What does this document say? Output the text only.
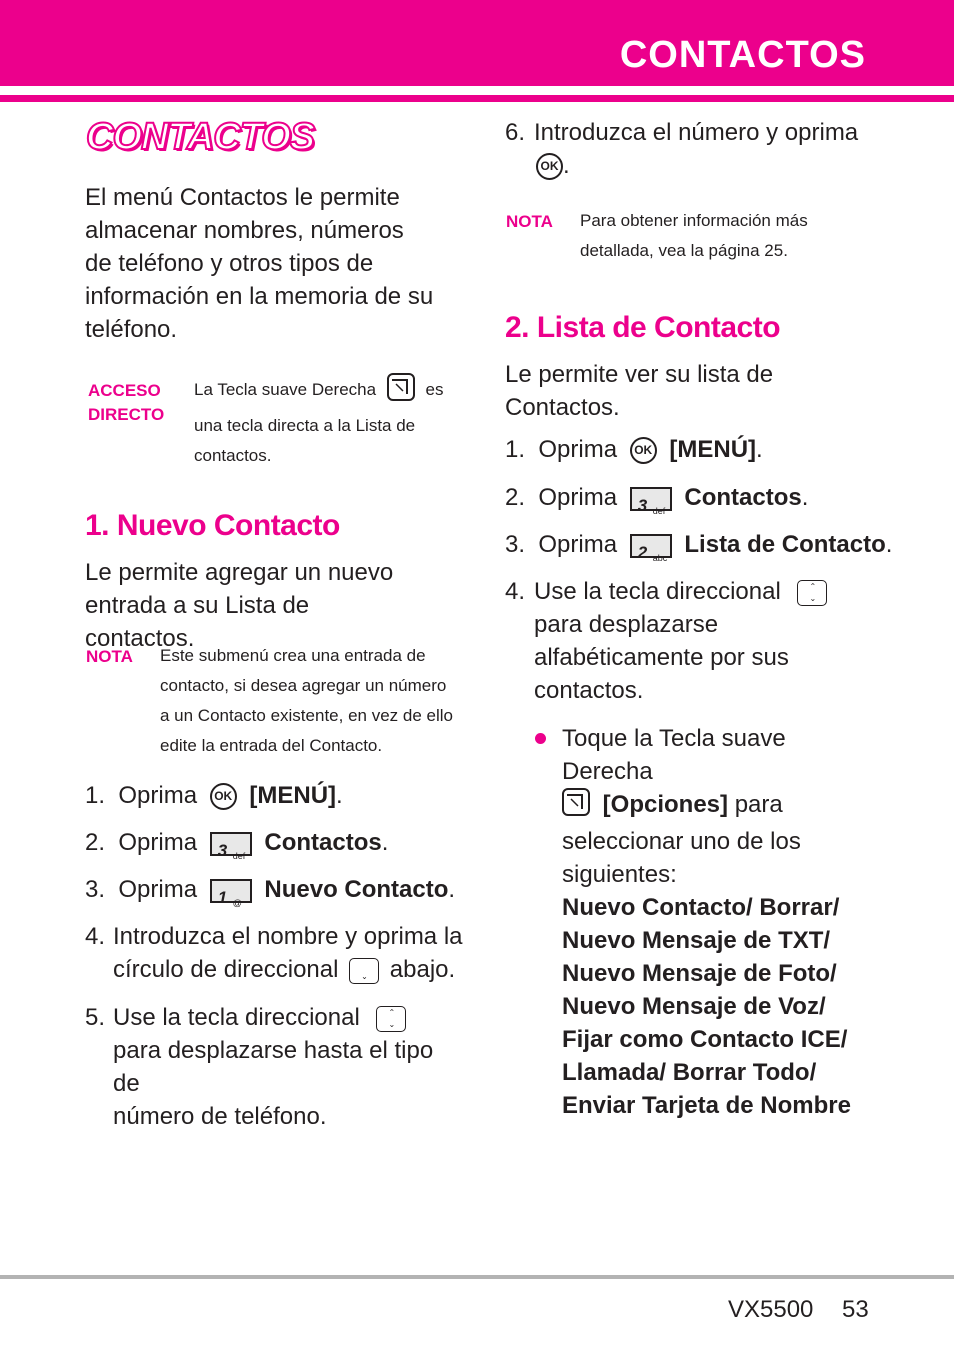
CONTACTOS
CONTACTOS
El menú Contactos le permite almacenar nombres, números de teléfono y otros tipos de información en la memoria de su teléfono.
ACCESO
DIRECTO
La Tecla suave Derecha	es
una tecla directa a la Lista de
contactos.
1. Nuevo Contacto
Le permite agregar un nuevo entrada a su Lista de contactos.
NOTA Este submenú crea una entrada de contacto, si desea agregar un número a un Contacto existente, en vez de ello edite la entrada del Contacto.
1. Oprima OK [MENÚ].
2. Oprima 3 def Contactos.
3. Oprima 1 @ Nuevo Contacto.
4. Introduzca el nombre y oprima la
círculo de direccional	⌄ abajo.
5. Use la tecla direccional	⌃
⌄
para desplazarse hasta el tipo de
número de teléfono.
6. Introduzca el número y oprima
OK .
NOTA Para obtener información más
detallada, vea la página 25.
2. Lista de Contacto
Le permite ver su lista de Contactos.
1. Oprima OK [MENÚ].
2. Oprima 3 def Contactos.
3. Oprima 2 abc Lista de Contacto.
4. Use la tecla direccional	⌃
⌄
para desplazarse alfabéticamente por sus contactos.
Toque la Tecla suave Derecha
[Opciones] para seleccionar uno de los siguientes:
Nuevo Contacto/ Borrar/ Nuevo Mensaje de TXT/ Nuevo Mensaje de Foto/ Nuevo Mensaje de Voz/ Fijar como Contacto ICE/ Llamada/ Borrar Todo/ Enviar Tarjeta de Nombre
VX5500 53
